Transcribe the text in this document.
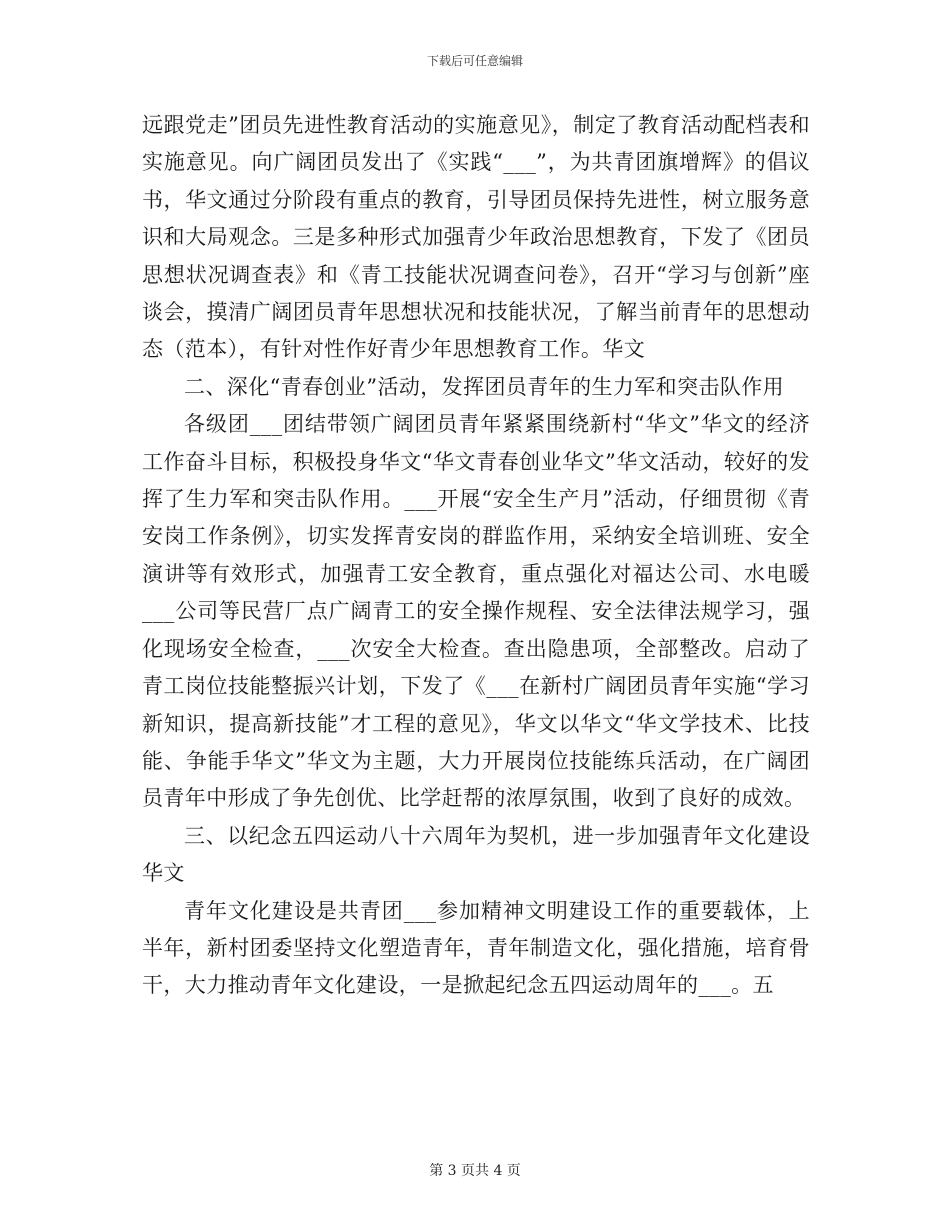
下载后可任意编辑

远跟党走”团员先进性教育活动的实施意见》，制定了教育活动配档表和实施意见。向广阔团员发出了《实践“___”，为共青团旗增辉》的倡议书，华文通过分阶段有重点的教育，引导团员保持先进性，树立服务意识和大局观念。三是多种形式加强青少年政治思想教育，下发了《团员思想状况调查表》和《青工技能状况调查问卷》，召开“学习与创新”座谈会，摸清广阔团员青年思想状况和技能状况，了解当前青年的思想动态（范本），有针对性作好青少年思想教育工作。华文

二、深化“青春创业”活动，发挥团员青年的生力军和突击队作用

各级团___团结带领广阔团员青年紧紧围绕新村“华文”华文的经济工作奋斗目标，积极投身华文“华文青春创业华文”华文活动，较好的发挥了生力军和突击队作用。___开展“安全生产月”活动，仔细贯彻《青安岗工作条例》，切实发挥青安岗的群监作用，采纳安全培训班、安全演讲等有效形式，加强青工安全教育，重点强化对福达公司、水电暖___公司等民营厂点广阔青工的安全操作规程、安全法律法规学习，强化现场安全检查，___次安全大检查。查出隐患项，全部整改。启动了青工岗位技能整振兴计划，下发了《___在新村广阔团员青年实施“学习新知识，提高新技能”才工程的意见》，华文以华文“华文学技术、比技能、争能手华文”华文为主题，大力开展岗位技能练兵活动，在广阔团员青年中形成了争先创优、比学赶帮的浓厚氛围，收到了良好的成效。

三、以纪念五四运动八十六周年为契机，进一步加强青年文化建设华文

青年文化建设是共青团___参加精神文明建设工作的重要载体，上半年，新村团委坚持文化塑造青年，青年制造文化，强化措施，培育骨干，大力推动青年文化建设，一是掀起纪念五四运动周年的___。五

第 3 页共 4 页
